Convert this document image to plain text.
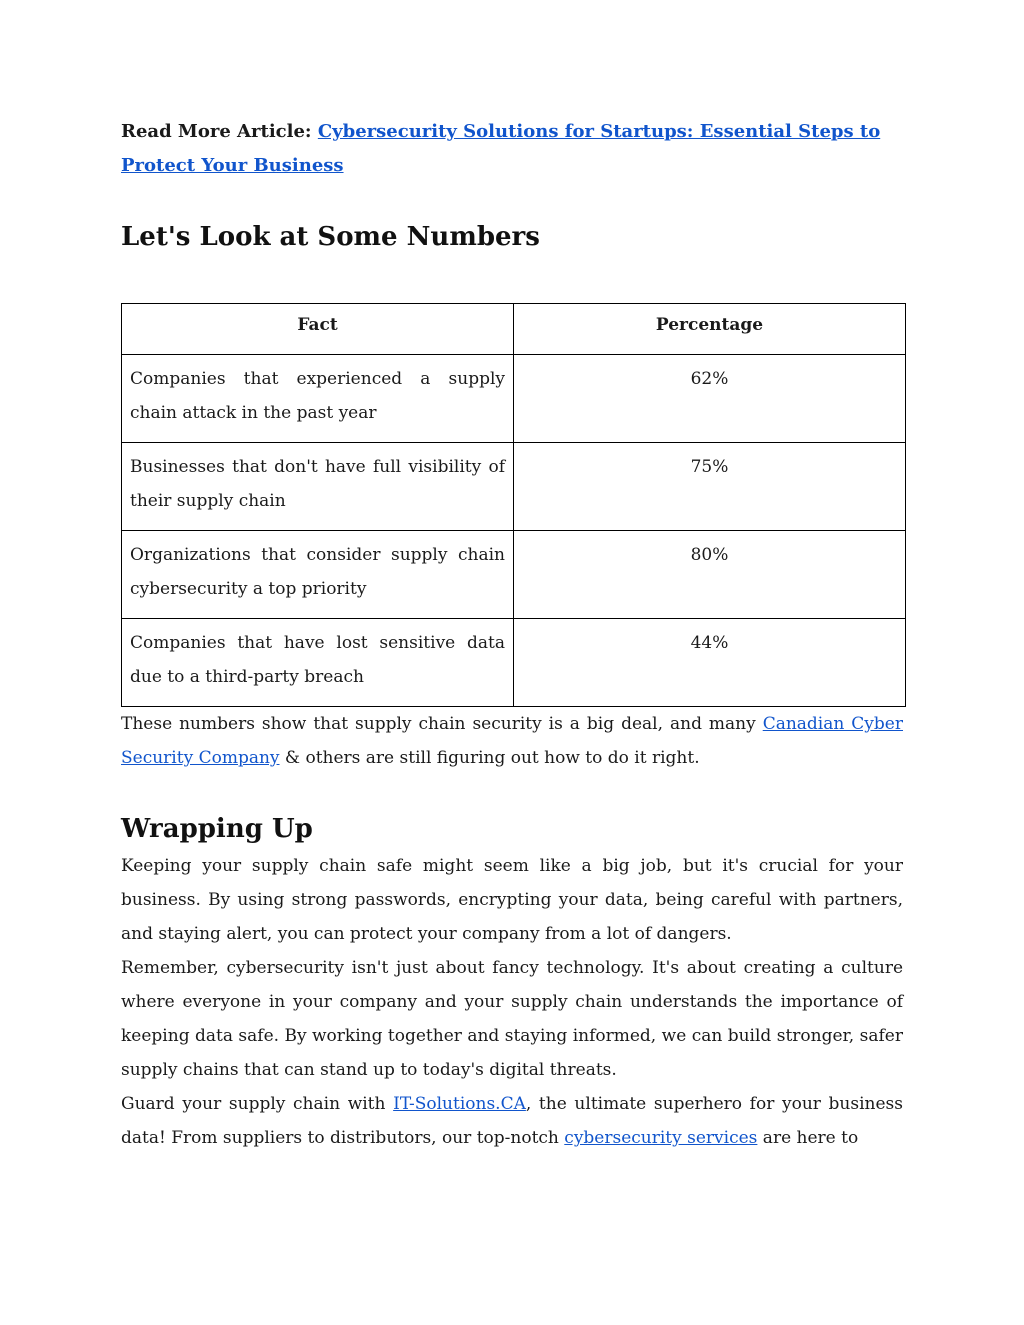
Read More Article: Cybersecurity Solutions for Startups: Essential Steps to Protect Your Business

Let's Look at Some Numbers
Fact	Percentage
Companies that experienced a supply chain attack in the past year	62%
Businesses that don't have full visibility of their supply chain	75%
Organizations that consider supply chain cybersecurity a top priority	80%
Companies that have lost sensitive data due to a third-party breach	44%

These numbers show that supply chain security is a big deal, and many Canadian Cyber Security Company & others are still figuring out how to do it right.

Wrapping Up

Keeping your supply chain safe might seem like a big job, but it's crucial for your business. By using strong passwords, encrypting your data, being careful with partners, and staying alert, you can protect your company from a lot of dangers.

Remember, cybersecurity isn't just about fancy technology. It's about creating a culture where everyone in your company and your supply chain understands the importance of keeping data safe. By working together and staying informed, we can build stronger, safer supply chains that can stand up to today's digital threats.

Guard your supply chain with IT-Solutions.CA, the ultimate superhero for your business data! From suppliers to distributors, our top-notch cybersecurity services are here to
